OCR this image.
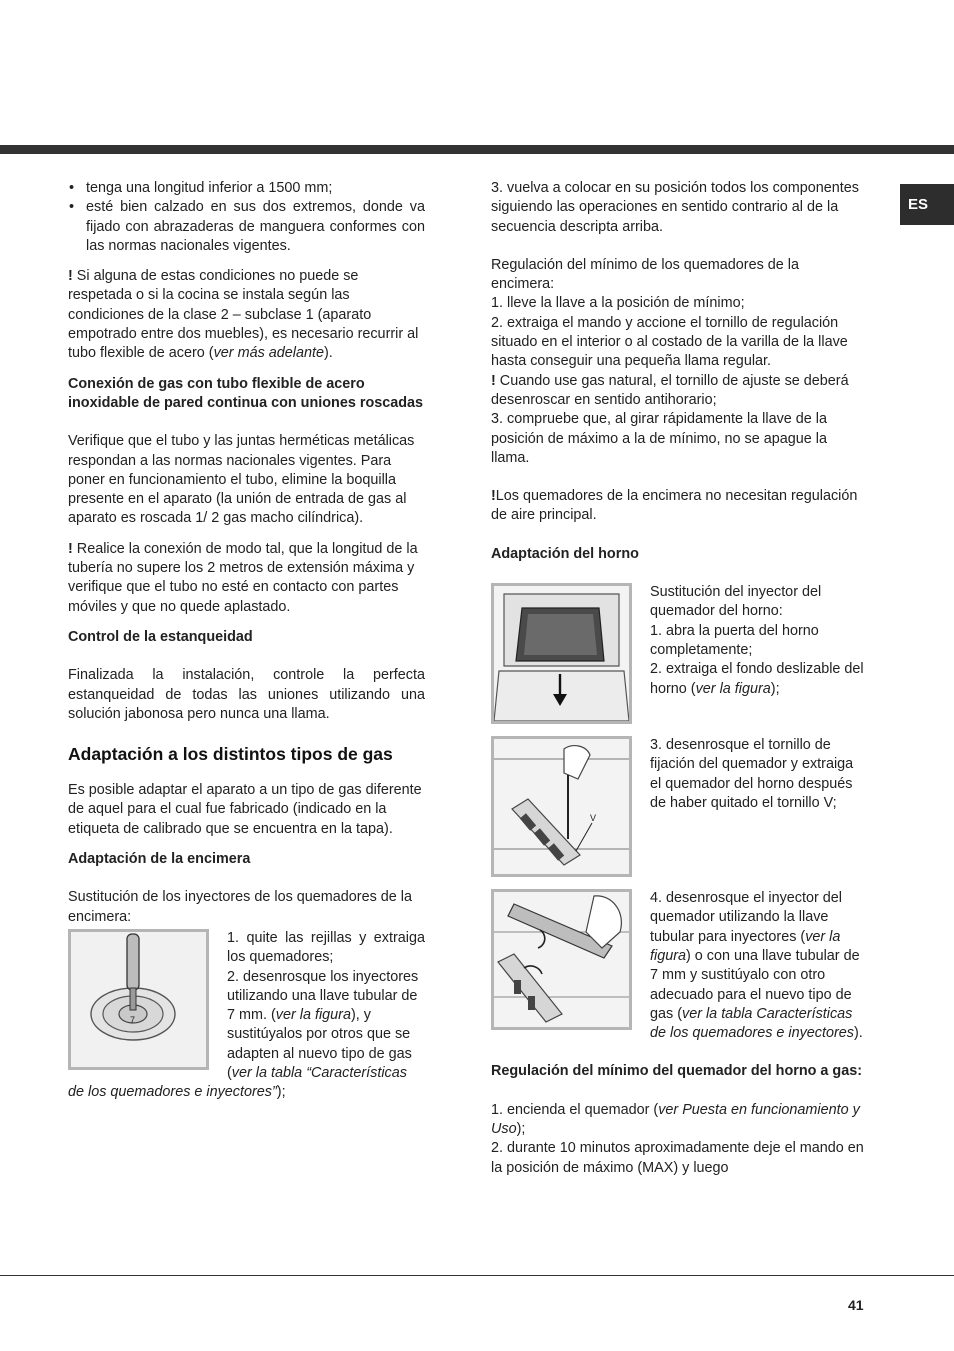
ES
• tenga una longitud inferior a 1500 mm;
• esté bien calzado en sus dos extremos, donde va fijado con abrazaderas de manguera conformes con las normas nacionales vigentes.

! Si alguna de estas condiciones no puede se respetada o si la cocina se instala según las condiciones de la clase 2 – subclase 1 (aparato empotrado entre dos muebles), es necesario recurrir al tubo flexible de acero (ver más adelante).

Conexión de gas con tubo flexible de acero inoxidable de pared continua con uniones roscadas

Verifique que el tubo y las juntas herméticas metálicas respondan a las normas nacionales vigentes. Para poner en funcionamiento el tubo, elimine la boquilla presente en el aparato (la unión de entrada de gas al aparato es roscada 1/ 2 gas macho cilíndrica).

! Realice la conexión de modo tal, que la longitud de la tubería no supere los 2 metros de extensión máxima y verifique que el tubo no esté en contacto con partes móviles y que no quede aplastado.

Control de la estanqueidad

Finalizada la instalación, controle la perfecta estanqueidad de todas las uniones utilizando una solución jabonosa pero nunca una llama.

Adaptación a los distintos tipos de gas

Es posible adaptar el aparato a un tipo de gas diferente de aquel para el cual fue fabricado (indicado en la etiqueta de calibrado que se encuentra en la tapa).

Adaptación de la encimera

Sustitución de los inyectores de los quemadores de la encimera:

7

1. quite las rejillas y extraiga los quemadores;

2. desenrosque los inyectores utilizando una llave tubular de 7 mm. (ver la figura), y sustitúyalos por otros que se adapten al nuevo tipo de gas (ver la tabla “Características de los quemadores e inyectores”);

3. vuelva a colocar en su posición todos los componentes siguiendo las operaciones en sentido contrario al de la secuencia descripta arriba.

Regulación del mínimo de los quemadores de la encimera:

1. lleve la llave a la posición de mínimo;

2. extraiga el mando y accione el tornillo de regulación situado en el interior o al costado de la varilla de la llave hasta conseguir una pequeña llama regular.

! Cuando use gas natural, el tornillo de ajuste se deberá desenroscar en sentido antihorario;

3. compruebe que, al girar rápidamente la llave de la posición de máximo a la de mínimo, no se apague la llama.

!Los quemadores de la encimera no necesitan regulación de aire principal.

Adaptación del horno

Sustitución del inyector del quemador del horno:

1. abra la puerta del horno completamente;

2. extraiga el fondo deslizable del horno (ver la figura);

V

3. desenrosque el tornillo de fijación del quemador y extraiga el quemador del horno después de haber quitado el tornillo V;

4. desenrosque el inyector del quemador utilizando la llave tubular para inyectores (ver la figura) o con una llave tubular de 7 mm y sustitúyalo con otro adecuado para el nuevo tipo de gas (ver la tabla Características de los quemadores e inyectores).

Regulación del mínimo del quemador del horno a gas:

1. encienda el quemador (ver Puesta en funcionamiento y Uso);

2. durante 10 minutos aproximadamente deje el mando en la posición de máximo (MAX) y luego

41
